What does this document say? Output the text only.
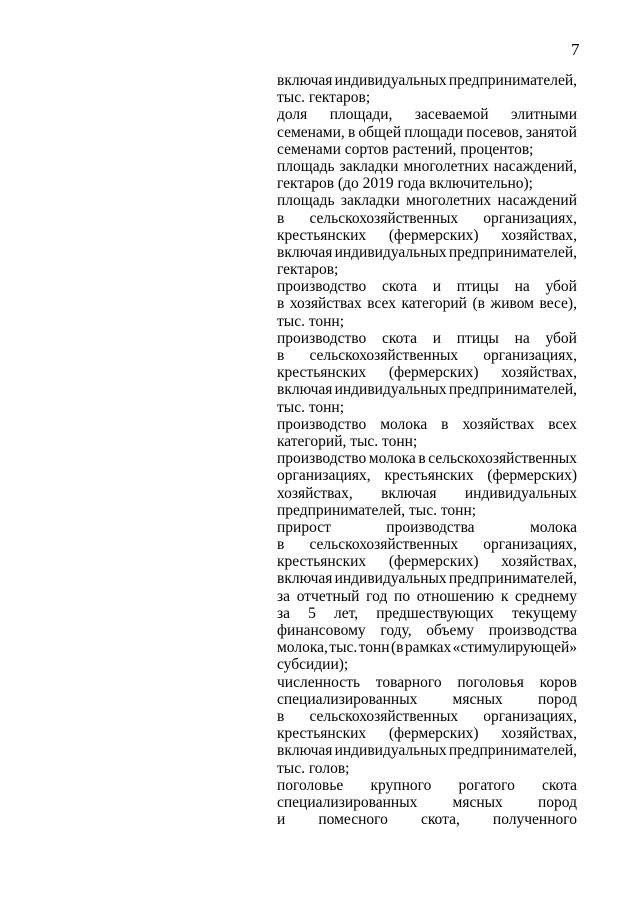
7
включая индивидуальных предпринимателей,
тыс. гектаров;
доля площади, засеваемой элитными
семенами, в общей площади посевов, занятой
семенами сортов растений, процентов;
площадь закладки многолетних насаждений,
гектаров (до 2019 года включительно);
площадь закладки многолетних насаждений
в сельскохозяйственных организациях,
крестьянских (фермерских) хозяйствах,
включая индивидуальных предпринимателей,
гектаров;
производство скота и птицы на убой
в хозяйствах всех категорий (в живом весе),
тыс. тонн;
производство скота и птицы на убой
в сельскохозяйственных организациях,
крестьянских (фермерских) хозяйствах,
включая индивидуальных предпринимателей,
тыс. тонн;
производство молока в хозяйствах всех
категорий, тыс. тонн;
производство молока в сельскохозяйственных
организациях, крестьянских (фермерских)
хозяйствах, включая индивидуальных
предпринимателей, тыс. тонн;
прирост	производства	молока
в сельскохозяйственных организациях,
крестьянских (фермерских) хозяйствах,
включая индивидуальных предпринимателей,
за отчетный год по отношению к среднему
за 5 лет, предшествующих текущему
финансовому году, объему производства
молока, тыс. тонн (в рамках «стимулирующей»
субсидии);
численность товарного поголовья коров
специализированных мясных пород
в сельскохозяйственных организациях,
крестьянских (фермерских) хозяйствах,
включая индивидуальных предпринимателей,
тыс. голов;
поголовье крупного рогатого скота
специализированных мясных пород
и помесного скота, полученного
